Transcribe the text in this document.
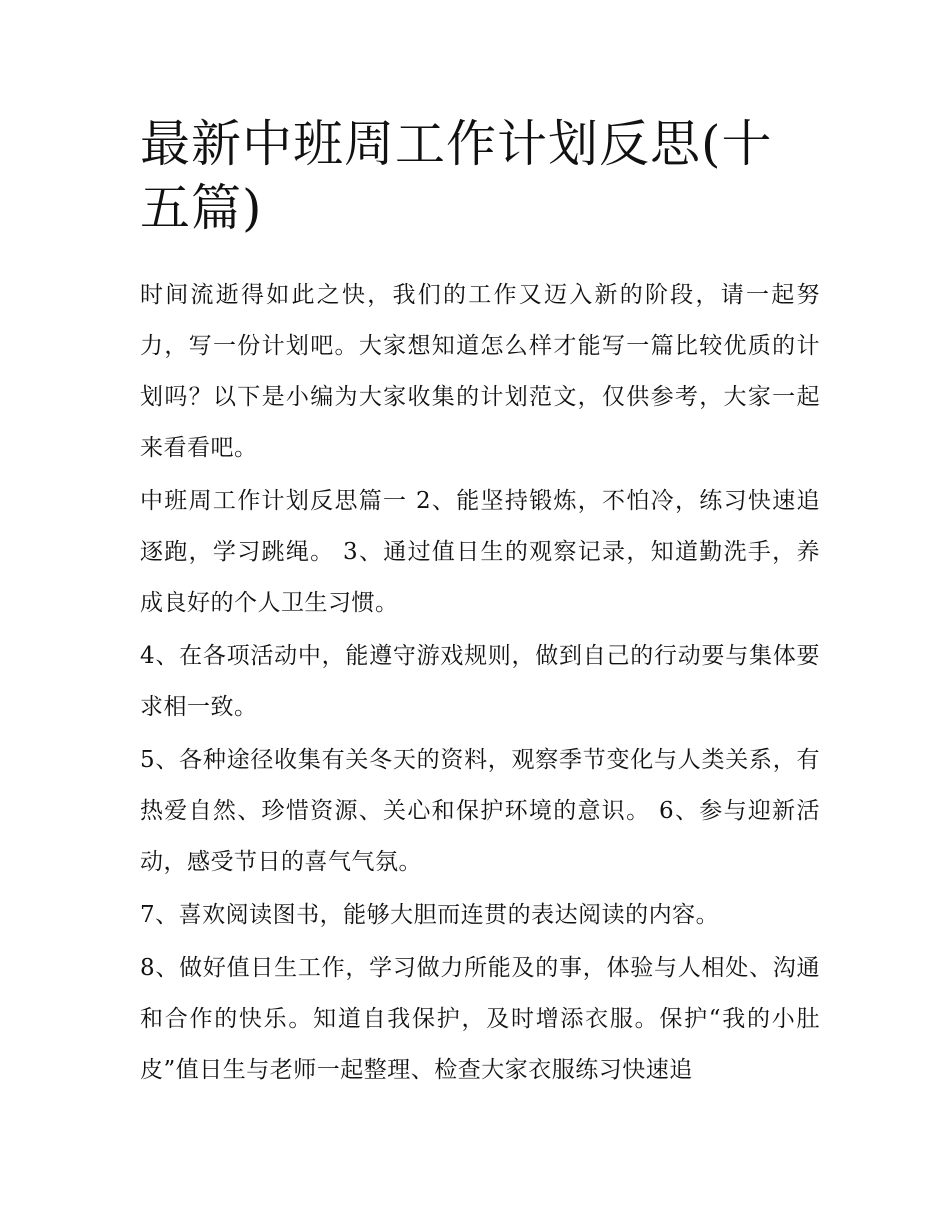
最新中班周工作计划反思(十五篇)

时间流逝得如此之快，我们的工作又迈入新的阶段，请一起努力，写一份计划吧。大家想知道怎么样才能写一篇比较优质的计划吗？以下是小编为大家收集的计划范文，仅供参考，大家一起来看看吧。

中班周工作计划反思篇一 2、能坚持锻炼，不怕冷，练习快速追逐跑，学习跳绳。 3、通过值日生的观察记录，知道勤洗手，养成良好的个人卫生习惯。

4、在各项活动中，能遵守游戏规则，做到自己的行动要与集体要求相一致。

5、各种途径收集有关冬天的资料，观察季节变化与人类关系，有热爱自然、珍惜资源、关心和保护环境的意识。 6、参与迎新活动，感受节日的喜气气氛。

7、喜欢阅读图书，能够大胆而连贯的表达阅读的内容。

8、做好值日生工作，学习做力所能及的事，体验与人相处、沟通和合作的快乐。知道自我保护，及时增添衣服。保护“我的小肚皮”值日生与老师一起整理、检查大家衣服练习快速追
